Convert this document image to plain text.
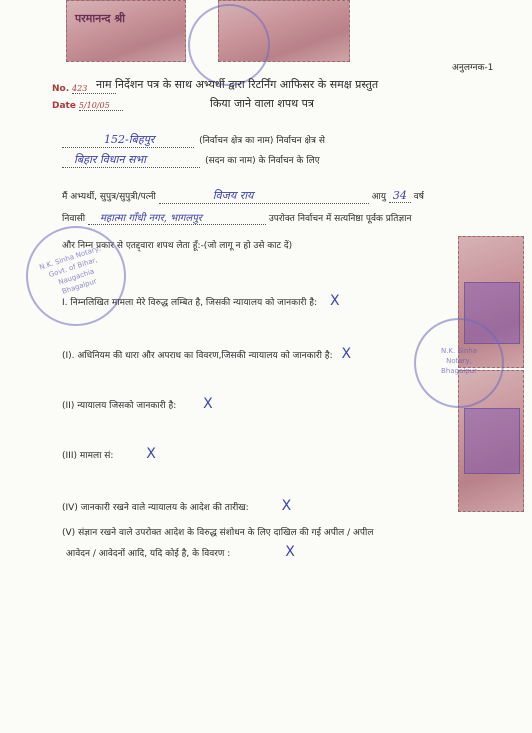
परमानन्द श्री
अनुलग्नक-1
No. 423
Date 5/10/05
नाम निर्देशन पत्र के साथ अभ्यर्थी द्वारा रिटर्निंग आफिसर के समक्ष प्रस्तुत
किया जाने वाला शपथ पत्र
152-बिहपुर	(निर्वाचन क्षेत्र का नाम) निर्वाचन क्षेत्र से
बिहार विधान सभा	(सदन का नाम) के निर्वाचन के लिए
मैं अभ्यर्थी, सुपुत्र/सुपुत्री/पत्नी	विजय राय	आयु 34 वर्ष
निवासी महात्मा गाँधी नगर, भागलपुर	उपरोक्त निर्वाचन में सत्यनिष्ठा पूर्वक प्रतिज्ञान
और निम्न प्रकार से एतद्द्वारा शपथ लेता हूँ:-(जो लागू न हो उसे काट दें)
N.K. Sinha Notary, Govt. of Bihar, Naugachia Bhagalpur
N.K. Sinha Notary, Bhagalpur
I. निम्नलिखित मामला मेरे विरुद्ध लम्बित है, जिसकी न्यायालय को जानकारी है: X
(I). अधिनियम की धारा और अपराध का विवरण,जिसकी न्यायालय को जानकारी है: X
(II) न्यायालय जिसको जानकारी है: X
(III) मामला सं: X
(IV) जानकारी रखने वाले न्यायालय के आदेश की तारीख: X
(V) संज्ञान रखने वाले उपरोक्त आदेश के विरुद्ध संशोधन के लिए दाखिल की गई अपील / अपील
आवेदन / आवेदनों आदि, यदि कोई है, के विवरण :	X
